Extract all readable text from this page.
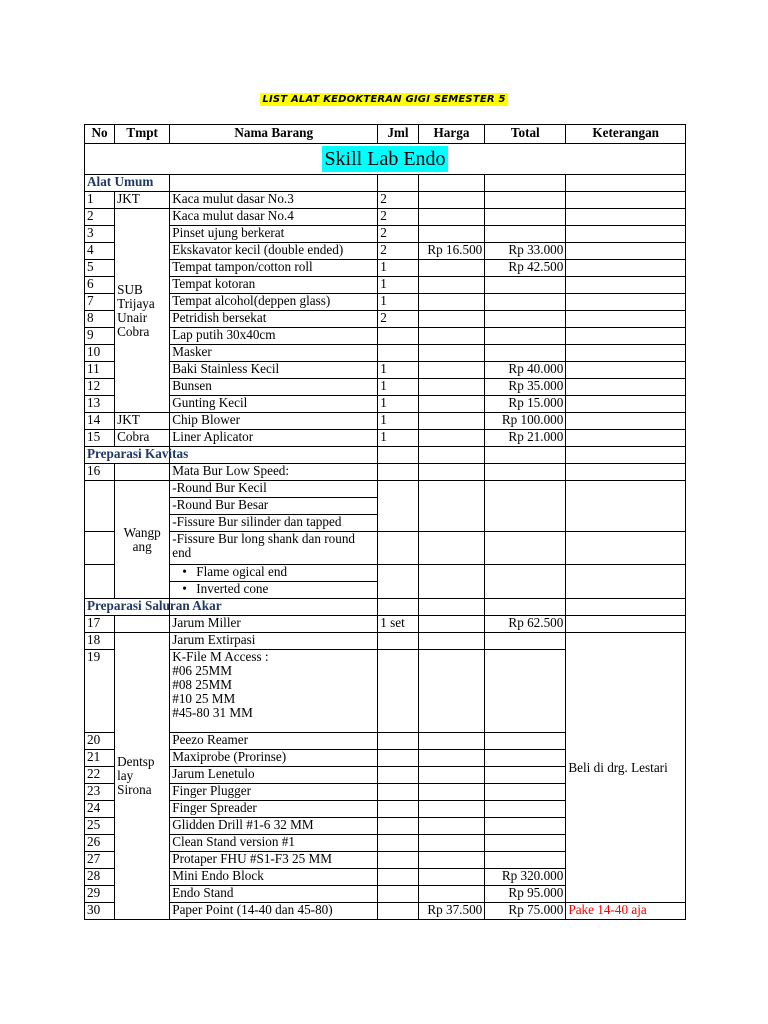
LIST ALAT KEDOKTERAN GIGI SEMESTER 5
No	Tmpt	Nama Barang	Jml	Harga	Total	Keterangan
Skill Lab Endo						
Alat Umum						
1	JKT	Kaca mulut dasar No.3	2			
2	SUB Trijaya Unair Cobra	Kaca mulut dasar No.4	2			
3		Pinset ujung berkerat	2			
4		Ekskavator kecil (double ended)	2	Rp 16.500	Rp 33.000	
5		Tempat tampon/cotton roll	1		Rp 42.500	
6		Tempat kotoran	1			
7		Tempat alcohol(deppen glass)	1			
8		Petridish bersekat	2			
9		Lap putih 30x40cm				
10		Masker				
11		Baki Stainless Kecil	1		Rp 40.000	
12		Bunsen	1		Rp 35.000	
13		Gunting Kecil	1		Rp 15.000	
14	JKT	Chip Blower	1		Rp 100.000	
15	Cobra	Liner Aplicator	1		Rp 21.000	
Preparasi Kavitas						
16		Mata Bur Low Speed:				
	Wangp ang	-Round Bur Kecil				
		-Round Bur Besar				
		-Fissure Bur silinder dan tapped				
		-Fissure Bur long shank dan round end				
		• Flame ogical end				
		• Inverted cone
Preparasi Saluran Akar						
17		Jarum Miller	1 set		Rp 62.500	
18	Dentsp lay Sirona	Jarum Extirpasi				Beli di drg. Lestari
19		K-File M Access :
#06 25MM
#08 25MM
#10 25 MM
#45-80 31 MM				

20		Peezo Reamer				
21		Maxiprobe (Prorinse)				
22		Jarum Lenetulo				
23		Finger Plugger				
24		Finger Spreader				
25		Glidden Drill #1-6 32 MM				
26		Clean Stand version #1				
27		Protaper FHU #S1-F3 25 MM				
28		Mini Endo Block			Rp 320.000	
29		Endo Stand			Rp 95.000	
30		Paper Point (14-40 dan 45-80)		Rp 37.500	Rp 75.000	Pake 14-40 aja
